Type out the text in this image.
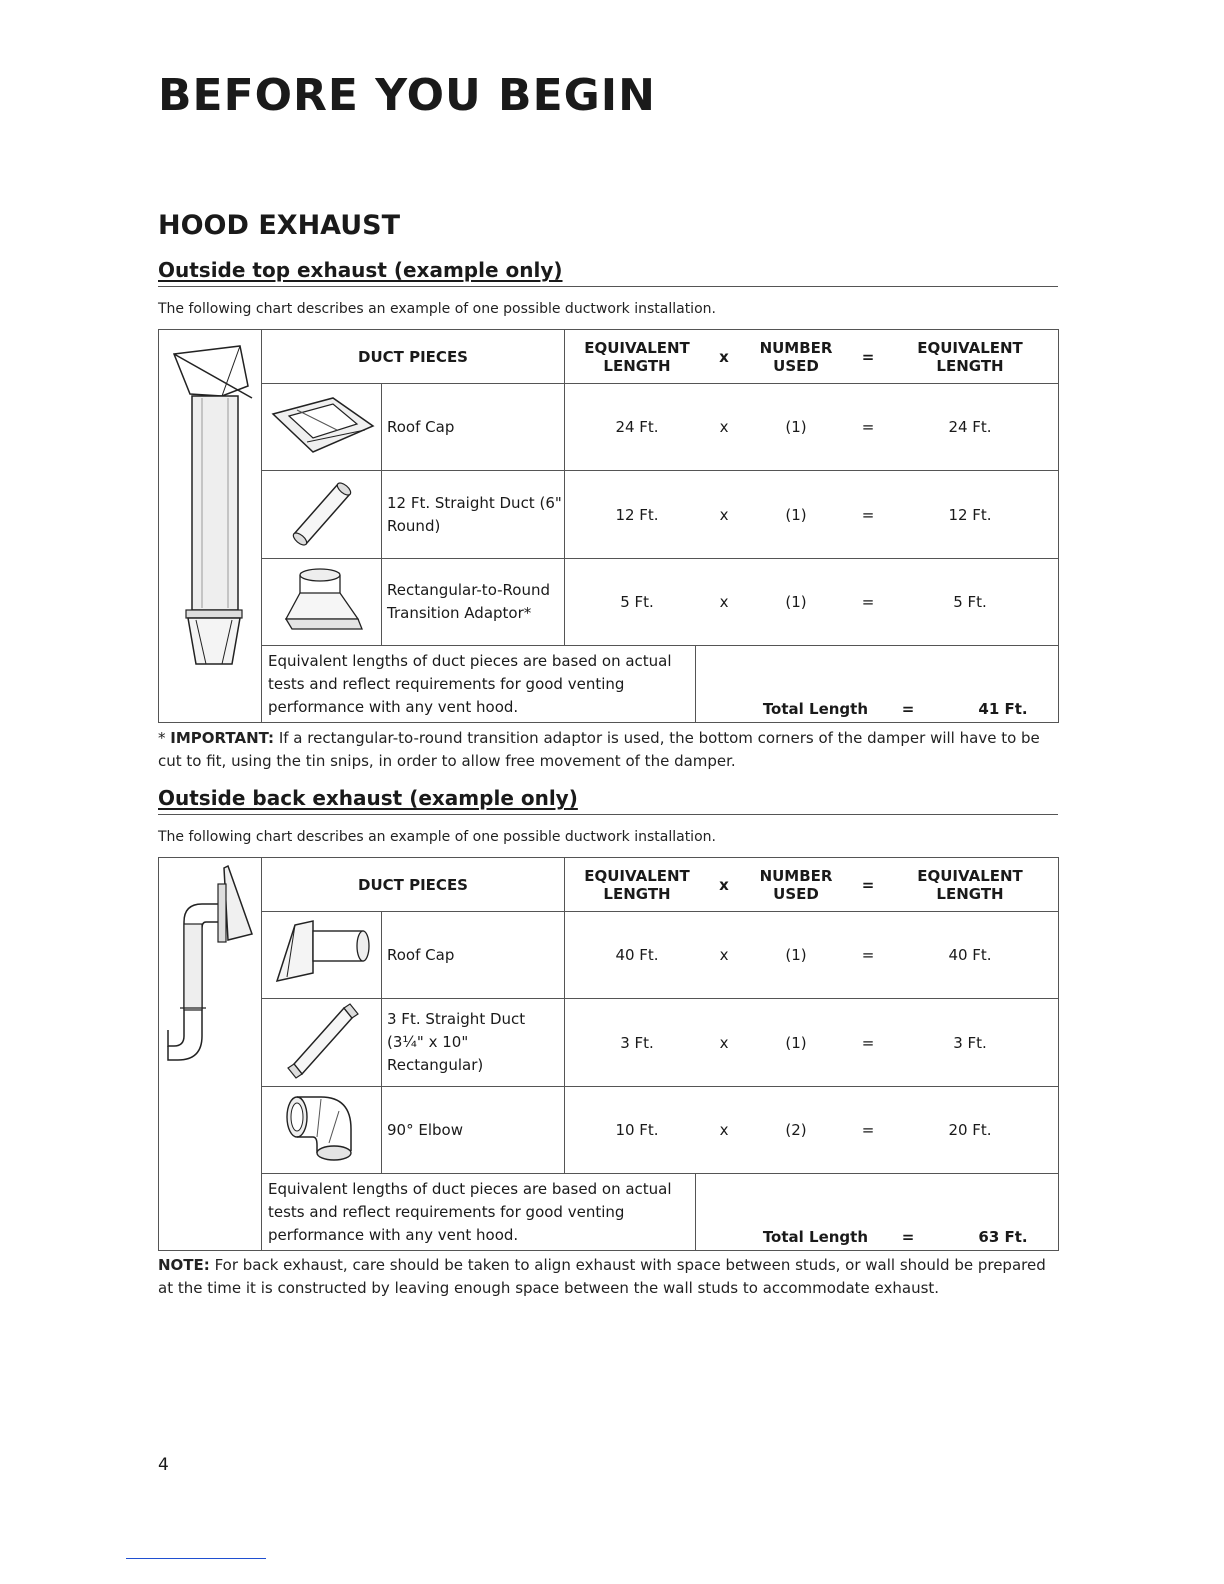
BEFORE YOU BEGIN
HOOD EXHAUST
Outside top exhaust (example only)
The following chart describes an example of one possible ductwork installation.
	DUCT PIECES		EQUIVALENT LENGTH x NUMBER USED = EQUIVALENT LENGTH

	Roof Cap	24 Ft. x (1) = 24 Ft.

	12 Ft. Straight Duct (6" Round)	12 Ft. x (1) = 12 Ft.

	Rectangular-to-Round Transition Adaptor*	5 Ft. x (1) = 5 Ft.

	Equivalent lengths of duct pieces are based on actual tests and reflect requirements for good venting performance with any vent hood. Total Length = 41 Ft.		
* IMPORTANT: If a rectangular-to-round transition adaptor is used, the bottom corners of the damper will have to be cut to fit, using the tin snips, in order to allow free movement of the damper.
Outside back exhaust (example only)
The following chart describes an example of one possible ductwork installation.
	DUCT PIECES		EQUIVALENT LENGTH x NUMBER USED = EQUIVALENT LENGTH

	Roof Cap	40 Ft. x (1) = 40 Ft.

	3 Ft. Straight Duct (3¼" x 10" Rectangular)	3 Ft. x (1) = 3 Ft.

	90° Elbow	10 Ft. x (2) = 20 Ft.

	Equivalent lengths of duct pieces are based on actual tests and reflect requirements for good venting performance with any vent hood. Total Length = 63 Ft.		
NOTE: For back exhaust, care should be taken to align exhaust with space between studs, or wall should be prepared at the time it is constructed by leaving enough space between the wall studs to accommodate exhaust.
4
